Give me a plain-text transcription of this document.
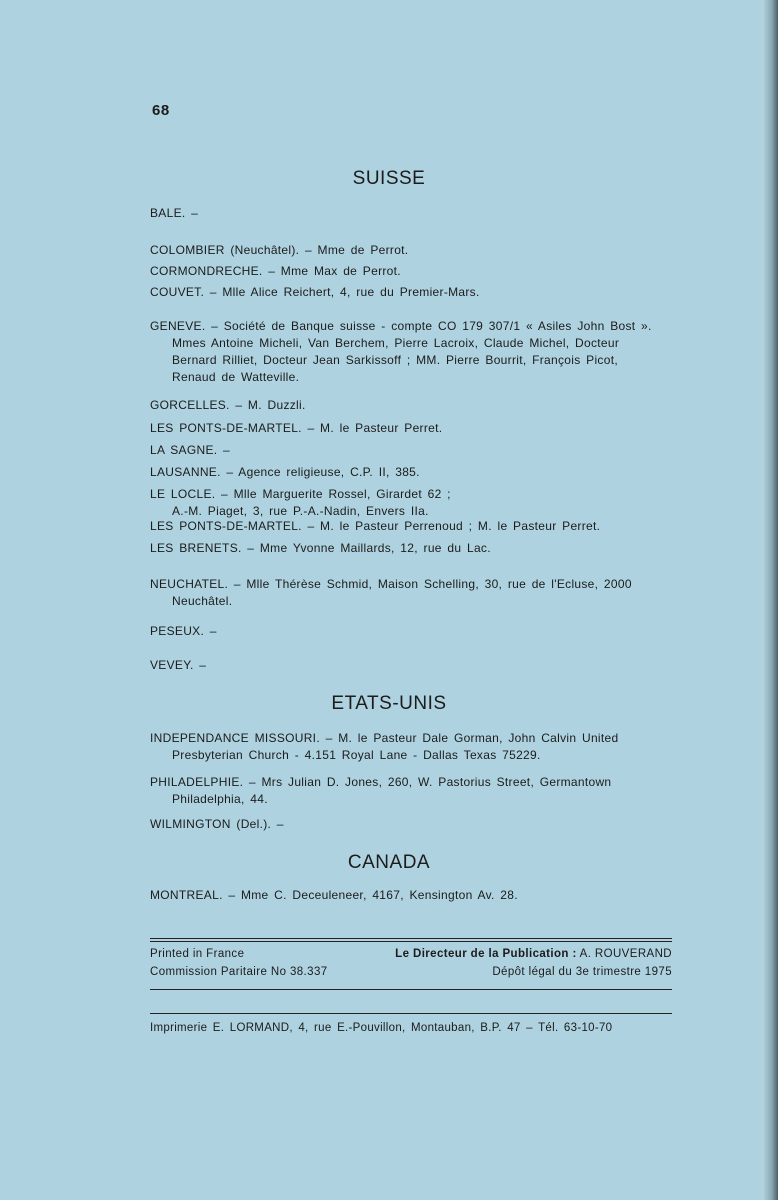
68
SUISSE
BALE. –
COLOMBIER (Neuchâtel). – Mme de Perrot.
CORMONDRECHE. – Mme Max de Perrot.
COUVET. – Mlle Alice Reichert, 4, rue du Premier-Mars.
GENEVE. – Société de Banque suisse - compte CO 179 307/1 « Asiles John Bost ».
Mmes Antoine Micheli, Van Berchem, Pierre Lacroix, Claude Michel, Docteur
Bernard Rilliet, Docteur Jean Sarkissoff ; MM. Pierre Bourrit, François Picot,
Renaud de Watteville.
GORCELLES. – M. Duzzli.
LES PONTS-DE-MARTEL. – M. le Pasteur Perret.
LA SAGNE. –
LAUSANNE. – Agence religieuse, C.P. II, 385.
LE LOCLE. – Mlle Marguerite Rossel, Girardet 62 ;
A.-M. Piaget, 3, rue P.-A.-Nadin, Envers IIa.
LES PONTS-DE-MARTEL. – M. le Pasteur Perrenoud ; M. le Pasteur Perret.
LES BRENETS. – Mme Yvonne Maillards, 12, rue du Lac.
NEUCHATEL. – Mlle Thérèse Schmid, Maison Schelling, 30, rue de l'Ecluse, 2000
Neuchâtel.
PESEUX. –
VEVEY. –
ETATS-UNIS
INDEPENDANCE MISSOURI. – M. le Pasteur Dale Gorman, John Calvin United
Presbyterian Church - 4.151 Royal Lane - Dallas Texas 75229.
PHILADELPHIE. – Mrs Julian D. Jones, 260, W. Pastorius Street, Germantown
Philadelphia, 44.
WILMINGTON (Del.). –
CANADA
MONTREAL. – Mme C. Deceuleneer, 4167, Kensington Av. 28.
Printed in France	Le Directeur de la Publication : A. ROUVERAND
Commission Paritaire No 38.337	Dépôt légal du 3e trimestre 1975
Imprimerie E. LORMAND, 4, rue E.-Pouvillon, Montauban, B.P. 47 – Tél. 63-10-70
